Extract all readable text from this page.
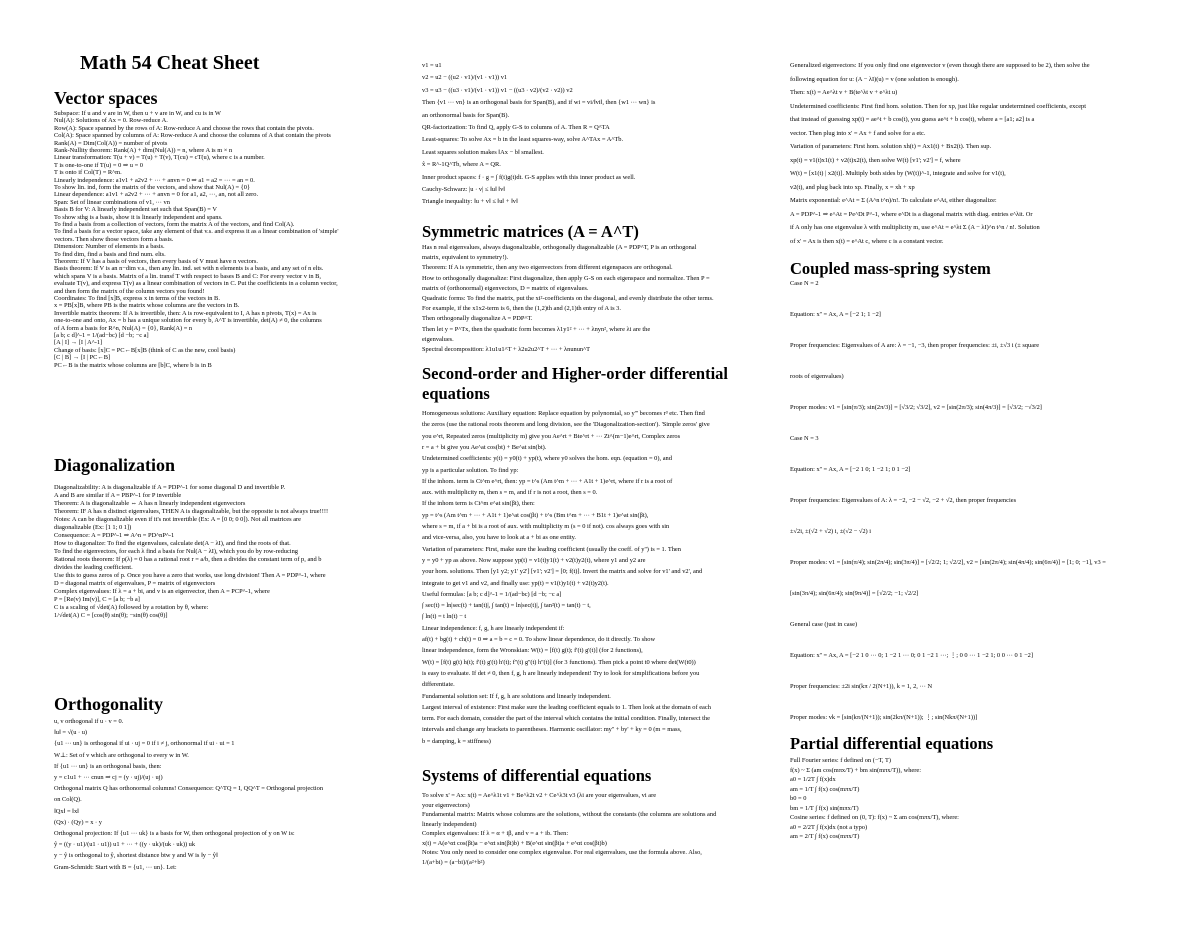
Math 54 Cheat Sheet
Vector spaces
Subspace: If u and v are in W, then u + v are in W, and cu is in W
Nul(A): Solutions of Ax = 0. Row-reduce A.
Row(A): Space spanned by the rows of A: Row-reduce A and choose the rows that contain the pivots.
Col(A): Space spanned by columns of A: Row-reduce A and choose the columns of A that contain the pivots
Rank(A) = Dim(Col(A)) = number of pivots
Rank-Nullity theorem: Rank(A) + dim(Nul(A)) = n, where A is m × n
Linear transformation: T(u + v) = T(u) + T(v), T(cu) = cT(u), where c is a number.
T is one-to-one if T(u) = 0 ⇒ u = 0
T is onto if Col(T) = R^m.
Linearly independence: a1v1 + a2v2 + ··· + anvn = 0 ⇒ a1 = a2 = ··· = an = 0.
To show lin. ind, form the matrix of the vectors, and show that Nul(A) = {0}
Linear dependence: a1v1 + a2v2 + ··· + anvn = 0 for a1, a2, ···, an, not all zero.
Span: Set of linear combinations of v1, ··· vn
Basis B for V: A linearly independent set such that Span(B) = V
To show sthg is a basis, show it is linearly independent and spans.
To find a basis from a collection of vectors, form the matrix A of the vectors, and find Col(A).
To find a basis for a vector space, take any element of that v.s. and express it as a linear combination of 'simple'
vectors. Then show those vectors form a basis.
Dimension: Number of elements in a basis.
To find dim, find a basis and find num. elts.
Theorem: If V has a basis of vectors, then every basis of V must have n vectors.
Basis theorem: If V is an n−dim v.s., then any lin. ind. set with n elements is a basis, and any set of n elts.
which spans V is a basis. Matrix of a lin. transf T with respect to bases B and C: For every vector v in B,
evaluate T(v), and express T(v) as a linear combination of vectors in C. Put the coefficients in a column vector,
and then form the matrix of the column vectors you found!
Coordinates: To find [x]B, express x in terms of the vectors in B.
x = PB[x]B, where PB is the matrix whose columns are the vectors in B.
Invertible matrix theorem: If A is invertible, then: A is row-equivalent to I, A has n pivots, T(x) = Ax is
one-to-one and onto, Ax = b has a unique solution for every b, A^T is invertible, det(A) ≠ 0, the columns
of A form a basis for R^n, Nul(A) = {0}, Rank(A) = n
[a b; c d]^-1 = 1/(ad−bc) [d −b; −c a]
[A | I] → [I | A^-1]
Change of basis: [x]C = PC←B[x]B (think of C as the new, cool basis)
[C | B] → [I | PC←B]
PC←B is the matrix whose columns are [b]C, where b is in B
Diagonalization
Diagonalizability: A is diagonalizable if A = PDP^-1 for some diagonal D and invertible P.
A and B are similar if A = PBP^-1 for P invertible
Theorem: A is diagonalizable ⇔ A has n linearly independent eigenvectors
Theorem: IF A has n distinct eigenvalues, THEN A is diagonalizable, but the opposite is not always true!!!!
Notes: A can be diagonalizable even if it's not invertible (Ex: A = [0 0; 0 0]). Not all matrices are
diagonalizable (Ex: [1 1; 0 1])
Consequence: A = PDP^-1 ⇒ A^n = PD^nP^-1
How to diagonalize: To find the eigenvalues, calculate det(A − λI), and find the roots of that.
To find the eigenvectors, for each λ find a basis for Nul(A − λI), which you do by row-reducing
Rational roots theorem: If p(λ) = 0 has a rational root r = a/b, then a divides the constant term of p, and b
divides the leading coefficient.
Use this to guess zeros of p. Once you have a zero that works, use long division! Then A = PDP^-1, where
D = diagonal matrix of eigenvalues, P = matrix of eigenvectors
Complex eigenvalues: If λ = a + bi, and v is an eigenvector, then A = PCP^-1, where
P = [Re(v) Im(v)], C = [a b; −b a]
C is a scaling of √det(A) followed by a rotation by θ, where:
1/√det(A) C = [cos(θ) sin(θ); −sin(θ) cos(θ)]
Orthogonality
u, v orthogonal if u · v = 0.
‖u‖ = √(u · u)
{u1 ··· un} is orthogonal if ui · uj = 0 if i ≠ j, orthonormal if ui · ui = 1
W⊥: Set of v which are orthogonal to every w in W.
If {u1 ··· un} is an orthogonal basis, then:
y = c1u1 + ··· cnun ⇒ cj = (y · uj)/(uj · uj)
Orthogonal matrix Q has orthonormal columns! Consequence: Q^TQ = I, QQ^T = Orthogonal projection
on Col(Q).
‖Qx‖ = ‖x‖
(Qx) · (Qy) = x · y
Orthogonal projection: If {u1 ··· uk} is a basis for W, then orthogonal projection of y on W is:
ŷ = ((y · u1)/(u1 · u1)) u1 + ··· + ((y · uk)/(uk · uk)) uk
y − ŷ is orthogonal to ŷ, shortest distance btw y and W is ‖y − ŷ‖
Gram-Schmidt: Start with B = {u1, ··· un}. Let:
v1 = u1
v2 = u2 − ((u2 · v1)/(v1 · v1)) v1
v3 = u3 − ((u3 · v1)/(v1 · v1)) v1 − ((u3 · v2)/(v2 · v2)) v2
Then {v1 ··· vn} is an orthogonal basis for Span(B), and if wi = vi/‖vi‖, then {w1 ··· wn} is
an orthonormal basis for Span(B).
QR-factorization: To find Q, apply G-S to columns of A. Then R = Q^TA
Least-squares: To solve Ax = b in the least squares-way, solve A^TAx = A^Tb.
Least squares solution makes ‖Ax − b‖ smallest.
x̂ = R^-1Q^Tb, where A = QR.
Inner product spaces: f · g = ∫ f(t)g(t)dt. G-S applies with this inner product as well.
Cauchy-Schwarz: |u · v| ≤ ‖u‖ ‖v‖
Triangle inequality: ‖u + v‖ ≤ ‖u‖ + ‖v‖
Symmetric matrices (A = A^T)
Has n real eigenvalues, always diagonalizable, orthogonally diagonalizable (A = PDP^T, P is an orthogonal
matrix, equivalent to symmetry!).
Theorem: If A is symmetric, then any two eigenvectors from different eigenspaces are orthogonal.
How to orthogonally diagonalize: First diagonalize, then apply G-S on each eigenspace and normalize. Then P =
matrix of (orthonormal) eigenvectors, D = matrix of eigenvalues.
Quadratic forms: To find the matrix, put the xi²-coefficients on the diagonal, and evenly distribute the other terms.
For example, if the x1x2-term is 6, then the (1,2)th and (2,1)th entry of A is 3.
Then orthogonally diagonalize A = PDP^T.
Then let y = P^Tx, then the quadratic form becomes λ1y1² + ··· + λnyn², where λi are the
eigenvalues.
Spectral decomposition: λ1u1u1^T + λ2u2u2^T + ··· + λnunun^T
Second-order and Higher-order differential equations
Homogeneous solutions: Auxiliary equation: Replace equation by polynomial, so y''' becomes r³ etc. Then find
the zeros (use the rational roots theorem and long division, see the 'Diagonalization-section'). 'Simple zeros' give
you e^rt, Repeated zeros (multiplicity m) give you Ae^rt + Bte^rt + ··· Zt^(m−1)e^rt, Complex zeros
r = a + bi give you Ae^at cos(bt) + Be^at sin(bt).
Undetermined coefficients: y(t) = y0(t) + yp(t), where y0 solves the hom. eqn. (equation = 0), and
yp is a particular solution. To find yp:
If the inhom. term is Ct^m e^rt, then: yp = t^s (Am t^m + ··· + A1t + 1)e^rt, where if r is a root of
aux. with multiplicity m, then s = m, and if r is not a root, then s = 0.
If the inhom term is Ct^m e^at sin(βt), then:
yp = t^s (Am t^m + ··· + A1t + 1)e^at cos(βt) + t^s (Bm t^m + ··· + B1t + 1)e^at sin(βt),
where s = m, if a + bi is a root of aux. with multiplicity m (s = 0 if not). cos always goes with sin
and vice-versa, also, you have to look at a + bi as one entity.
Variation of parameters: First, make sure the leading coefficient (usually the coeff. of y'') is = 1. Then
y = y0 + yp as above. Now suppose yp(t) = v1(t)y1(t) + v2(t)y2(t), where y1 and y2 are
your hom. solutions. Then [y1 y2; y1' y2'] [v1'; v2'] = [0; f(t)]. Invert the matrix and solve for v1' and v2', and
integrate to get v1 and v2, and finally use: yp(t) = v1(t)y1(t) + v2(t)y2(t).
Useful formulas: [a b; c d]^-1 = 1/(ad−bc) [d −b; −c a]
∫ sec(t) = ln|sec(t) + tan(t)|, ∫ tan(t) = ln|sec(t)|, ∫ tan²(t) = tan(t) − t,
∫ ln(t) = t ln(t) − t
Linear independence: f, g, h are linearly independent if:
af(t) + bg(t) + ch(t) = 0 ⇒ a = b = c = 0. To show linear dependence, do it directly. To show
linear independence, form the Wronskian: W(t) = [f(t) g(t); f'(t) g'(t)] (for 2 functions),
W(t) = [f(t) g(t) h(t); f'(t) g'(t) h'(t); f''(t) g''(t) h''(t)] (for 3 functions). Then pick a point t0 where det(W(t0))
is easy to evaluate. If det ≠ 0, then f, g, h are linearly independent! Try to look for simplifications before you
differentiate.
Fundamental solution set: If f, g, h are solutions and linearly independent.
Largest interval of existence: First make sure the leading coefficient equals to 1. Then look at the domain of each
term. For each domain, consider the part of the interval which contains the initial condition. Finally, intersect the
intervals and change any brackets to parentheses. Harmonic oscillator: my'' + by' + ky = 0 (m = mass,
b = damping, k = stiffness)
Systems of differential equations
To solve x' = Ax: x(t) = Ae^λ1t v1 + Be^λ2t v2 + Ce^λ3t v3 (λi are your eigenvalues, vi are
your eigenvectors)
Fundamental matrix: Matrix whose columns are the solutions, without the constants (the columns are solutions and
linearly independent)
Complex eigenvalues: If λ = α + iβ, and v = a + ib. Then:
x(t) = A(e^αt cos(βt)a − e^αt sin(βt)b) + B(e^αt sin(βt)a + e^αt cos(βt)b)
Notes: You only need to consider one complex eigenvalue. For real eigenvalues, use the formula above. Also,
1/(a+bi) = (a−bi)/(a²+b²)
Generalized eigenvectors: If you only find one eigenvector v (even though there are supposed to be 2), then solve the
following equation for u: (A − λI)(u) = v (one solution is enough).
Then: x(t) = Ae^λt v + B(te^λt v + e^λt u)
Undetermined coefficients: First find hom. solution. Then for xp, just like regular undetermined coefficients, except
that instead of guessing xp(t) = ae^t + b cos(t), you guess ae^t + b cos(t), where a = [a1; a2] is a
vector. Then plug into x' = Ax + f and solve for a etc.
Variation of parameters: First hom. solution xh(t) = Ax1(t) + Bx2(t). Then sup.
xp(t) = v1(t)x1(t) + v2(t)x2(t), then solve W(t) [v1'; v2'] = f, where
W(t) = [x1(t) | x2(t)]. Multiply both sides by (W(t))^-1, integrate and solve for v1(t),
v2(t), and plug back into xp. Finally, x = xh + xp
Matrix exponential: e^At = Σ (A^n t^n)/n!. To calculate e^At, either diagonalize:
A = PDP^-1 ⇒ e^At = Pe^Dt P^-1, where e^Dt is a diagonal matrix with diag. entries e^λit. Or
if A only has one eigenvalue λ with multiplicity m, use e^At = e^λt Σ (A − λI)^n t^n / n!. Solution
of x' = Ax is then x(t) = e^At c, where c is a constant vector.
Coupled mass-spring system
Case N = 2
Equation: x'' = Ax, A = [−2 1; 1 −2]
Proper frequencies: Eigenvalues of A are: λ = −1, −3, then proper frequencies: ±i, ±√3 i (± square
roots of eigenvalues)
Proper modes: v1 = [sin(π/3); sin(2π/3)] = [√3/2; √3/2], v2 = [sin(2π/3); sin(4π/3)] = [√3/2; −√3/2]
Case N = 3
Equation: x'' = Ax, A = [−2 1 0; 1 −2 1; 0 1 −2]
Proper frequencies: Eigenvalues of A: λ = −2, −2 − √2, −2 + √2, then proper frequencies
±√2i, ±(√2 + √2) i, ±(√2 − √2) i
Proper modes: v1 = [sin(π/4); sin(2π/4); sin(3π/4)] = [√2/2; 1; √2/2], v2 = [sin(2π/4); sin(4π/4); sin(6π/4)] = [1; 0; −1], v3 =
[sin(3π/4); sin(6π/4); sin(9π/4)] = [√2/2; −1; √2/2]
General case (just in case)
Equation: x'' = Ax, A = [−2 1 0 ··· 0; 1 −2 1 ··· 0; 0 1 −2 1 ···; ⋮; 0 0 ··· 1 −2 1; 0 0 ··· 0 1 −2]
Proper frequencies: ±2i sin(kπ / 2(N+1)), k = 1, 2, ··· N
Proper modes: vk = [sin(kπ/(N+1)); sin(2kπ/(N+1)); ⋮; sin(Nkπ/(N+1))]
Partial differential equations
Full Fourier series: f defined on (−T, T)
f(x) ~ Σ (am cos(mπx/T) + bm sin(mπx/T)), where:
a0 = 1/2T ∫ f(x)dx
am = 1/T ∫ f(x) cos(mπx/T)
b0 = 0
bm = 1/T ∫ f(x) sin(mπx/T)
Cosine series: f defined on (0, T): f(x) ~ Σ am cos(mπx/T), where:
a0 = 2/2T ∫ f(x)dx (not a typo)
am = 2/T ∫ f(x) cos(mπx/T)
